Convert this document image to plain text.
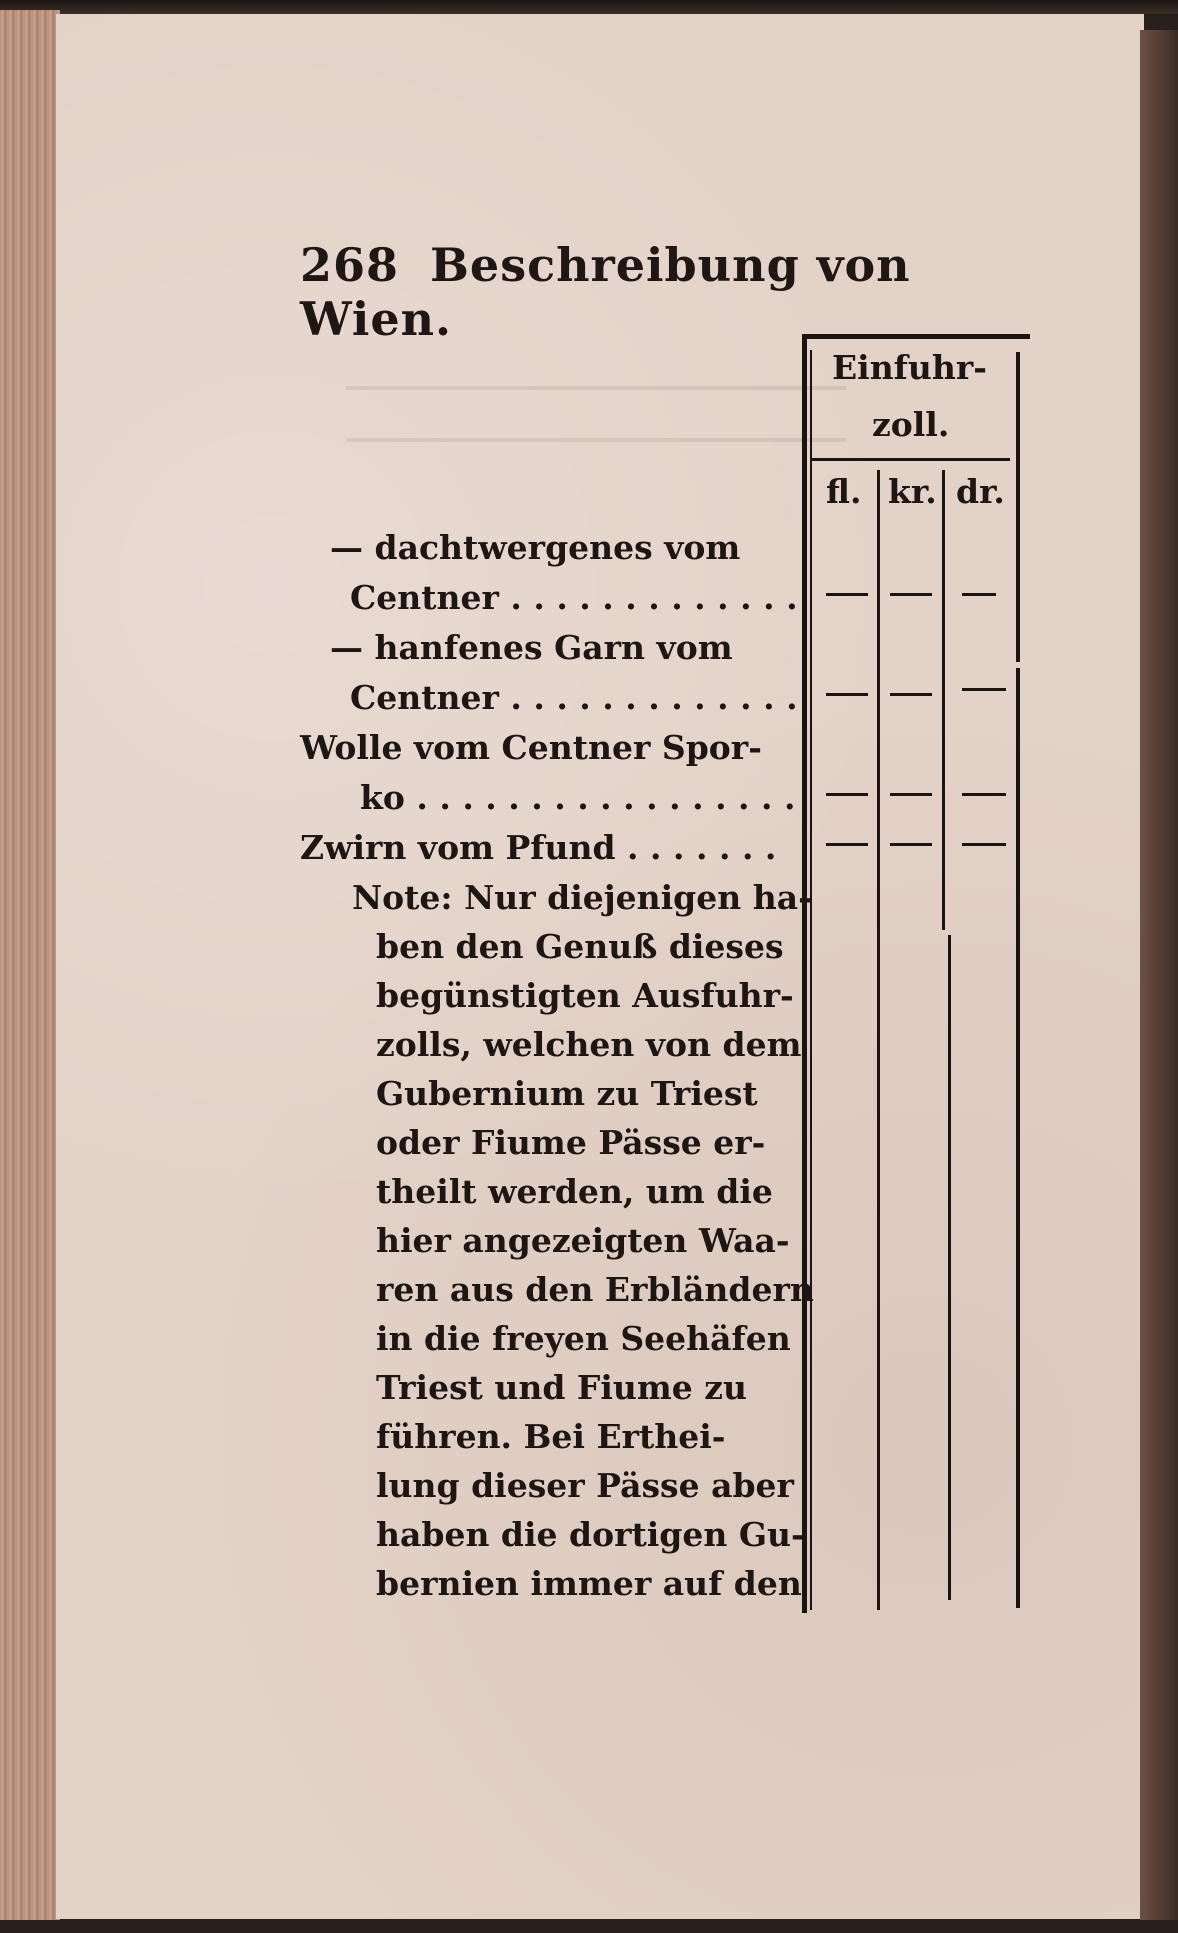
268 Beschreibung von Wien.
Einfuhr-
zoll.
fl. kr. dr.
— dachtwergenes vom
Centner . . . . . . . . . . . . .
— hanfenes Garn vom
Centner . . . . . . . . . . . . .
Wolle vom Centner Spor-
ko . . . . . . . . . . . . . . . . .
Zwirn vom Pfund . . . . . . .
Note: Nur diejenigen ha-
ben den Genuß dieses
begünstigten Ausfuhr-
zolls, welchen von dem
Gubernium zu Triest
oder Fiume Pässe er-
theilt werden, um die
hier angezeigten Waa-
ren aus den Erbländern
in die freyen Seehäfen
Triest und Fiume zu
führen. Bei Erthei-
lung dieser Pässe aber
haben die dortigen Gu-
bernien immer auf den
